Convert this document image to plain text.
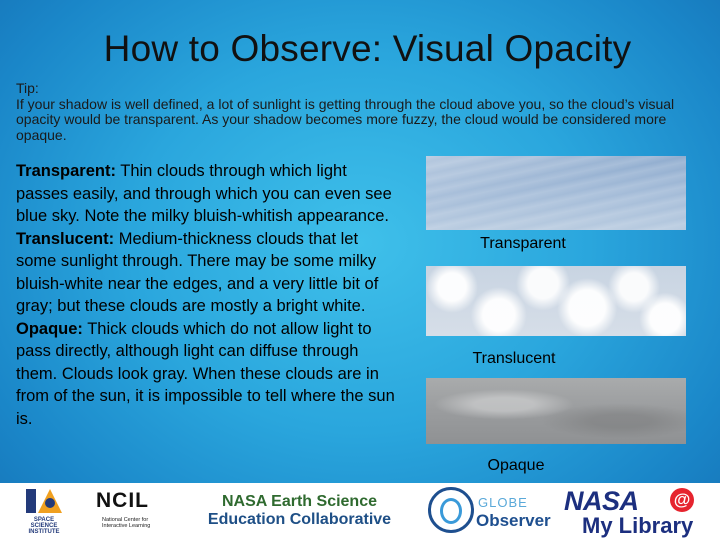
How to Observe: Visual Opacity
Tip:
If your shadow is well defined, a lot of sunlight is getting through the cloud above you, so the cloud’s visual opacity would be transparent. As your shadow becomes more fuzzy, the cloud would be considered more opaque.
Transparent: Thin clouds through which light passes easily, and through which you can even see blue sky. Note the milky bluish-whitish appearance.
Translucent: Medium-thickness clouds that let some sunlight through. There may be some milky bluish-white near the edges, and a very little bit of gray; but these clouds are mostly a bright white.
Opaque: Thick clouds which do not allow light to pass directly, although light can diffuse through them. Clouds look gray. When these clouds are in from of the sun, it is impossible to tell where the sun is.
Transparent
Translucent
Opaque
SPACE
SCIENCE
INSTITUTE
NCIL
National Center for Interactive Learning
NASA Earth Science
Education Collaborative
GLOBE
Observer
NASA @
My Library
